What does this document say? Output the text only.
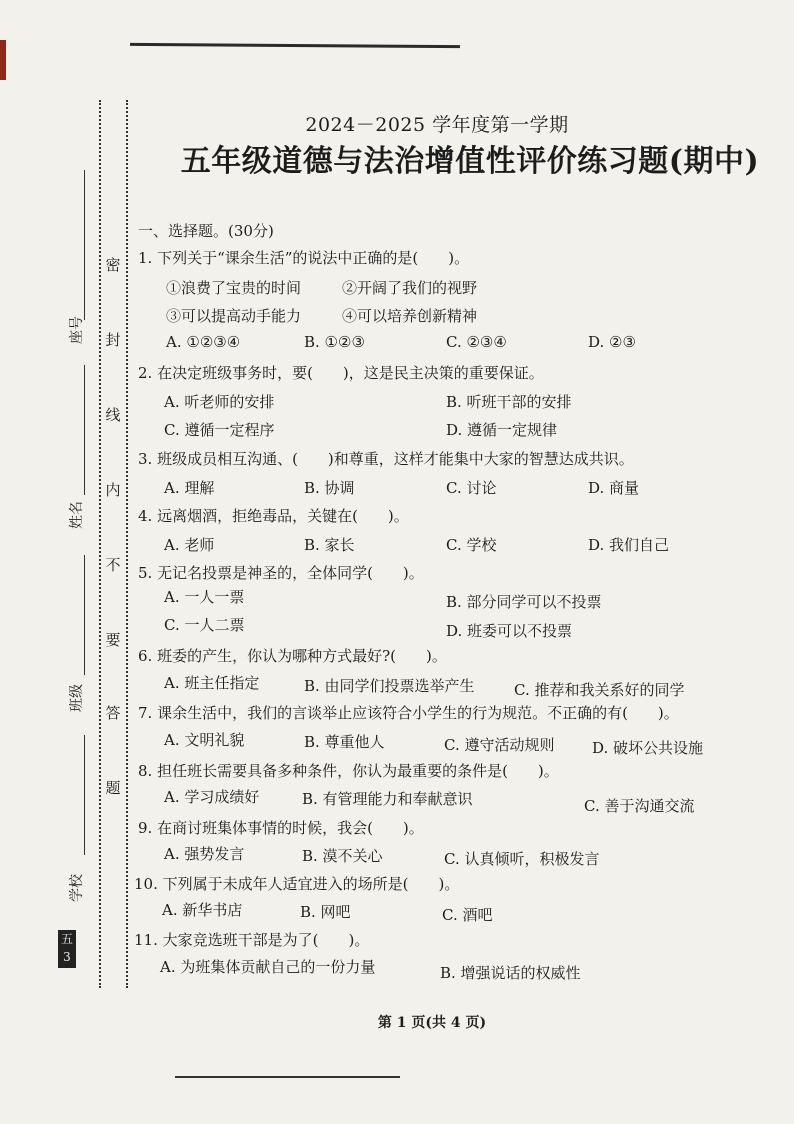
密
封
线
内
不
要
答
题
座号
姓名
班级
学校
五
3
2024－2025 学年度第一学期
五年级道德与法治增值性评价练习题(期中)
一、选择题。(30分)
1. 下列关于“课余生活”的说法中正确的是(　　)。
①浪费了宝贵的时间	②开阔了我们的视野
③可以提高动手能力	④可以培养创新精神
A. ①②③④	B. ①②③	C. ②③④	D. ②③
2. 在决定班级事务时，要(　　)，这是民主决策的重要保证。
A. 听老师的安排	B. 听班干部的安排
C. 遵循一定程序	D. 遵循一定规律
3. 班级成员相互沟通、(　　)和尊重，这样才能集中大家的智慧达成共识。
A. 理解	B. 协调	C. 讨论	D. 商量
4. 远离烟酒，拒绝毒品，关键在(　　)。
A. 老师	B. 家长	C. 学校	D. 我们自己
5. 无记名投票是神圣的，全体同学(　　)。
A. 一人一票	B. 部分同学可以不投票
C. 一人二票	D. 班委可以不投票
6. 班委的产生，你认为哪种方式最好?(　　)。
A. 班主任指定	B. 由同学们投票选举产生	C. 推荐和我关系好的同学
7. 课余生活中，我们的言谈举止应该符合小学生的行为规范。不正确的有(　　)。
A. 文明礼貌	B. 尊重他人	C. 遵守活动规则	D. 破坏公共设施
8. 担任班长需要具备多种条件，你认为最重要的条件是(　　)。
A. 学习成绩好	B. 有管理能力和奉献意识	C. 善于沟通交流
9. 在商讨班集体事情的时候，我会(　　)。
A. 强势发言	B. 漠不关心	C. 认真倾听，积极发言
10. 下列属于未成年人适宜进入的场所是(　　)。
A. 新华书店	B. 网吧	C. 酒吧
11. 大家竞选班干部是为了(　　)。
A. 为班集体贡献自己的一份力量	B. 增强说话的权威性
第 1 页(共 4 页)
